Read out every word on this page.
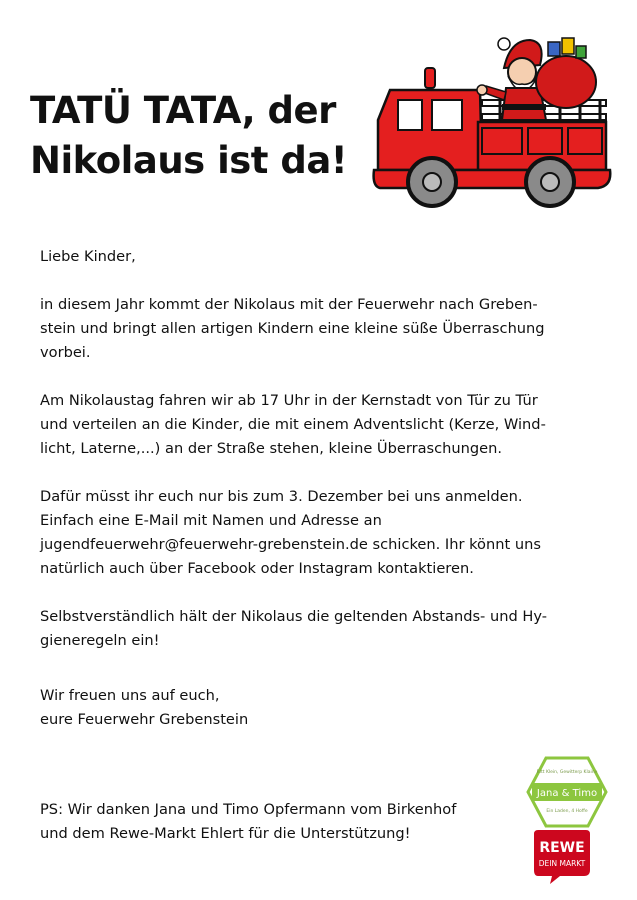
TATÜ TATA, der
Nikolaus ist da!

Liebe Kinder,

in diesem Jahr kommt der Nikolaus mit der Feuerwehr nach Greben-
stein und bringt allen artigen Kindern eine kleine süße Überraschung
vorbei.

Am Nikolaustag fahren wir ab 17 Uhr in der Kernstadt von Tür zu Tür
und verteilen an die Kinder, die mit einem Adventslicht (Kerze, Wind-
licht, Laterne,...) an der Straße stehen, kleine Überraschungen.

Dafür müsst ihr euch nur bis zum 3. Dezember bei uns anmelden.
Einfach eine E-Mail mit Namen und Adresse an
jugendfeuerwehr@feuerwehr-grebenstein.de schicken. Ihr könnt uns
natürlich auch über Facebook oder Instagram kontaktieren.

Selbstverständlich hält der Nikolaus die geltenden Abstands- und Hy-
gieneregeln ein!

Wir freuen uns auf euch,
eure Feuerwehr Grebenstein
PS: Wir danken Jana und Timo Opfermann vom Birkenhof
und dem Rewe-Markt Ehlert für die Unterstützung!
Bitt Klein, Gewitterp Klaine
Jana & Timo
Ein Laden, 4 Hoffe
REWE
DEIN MARKT
